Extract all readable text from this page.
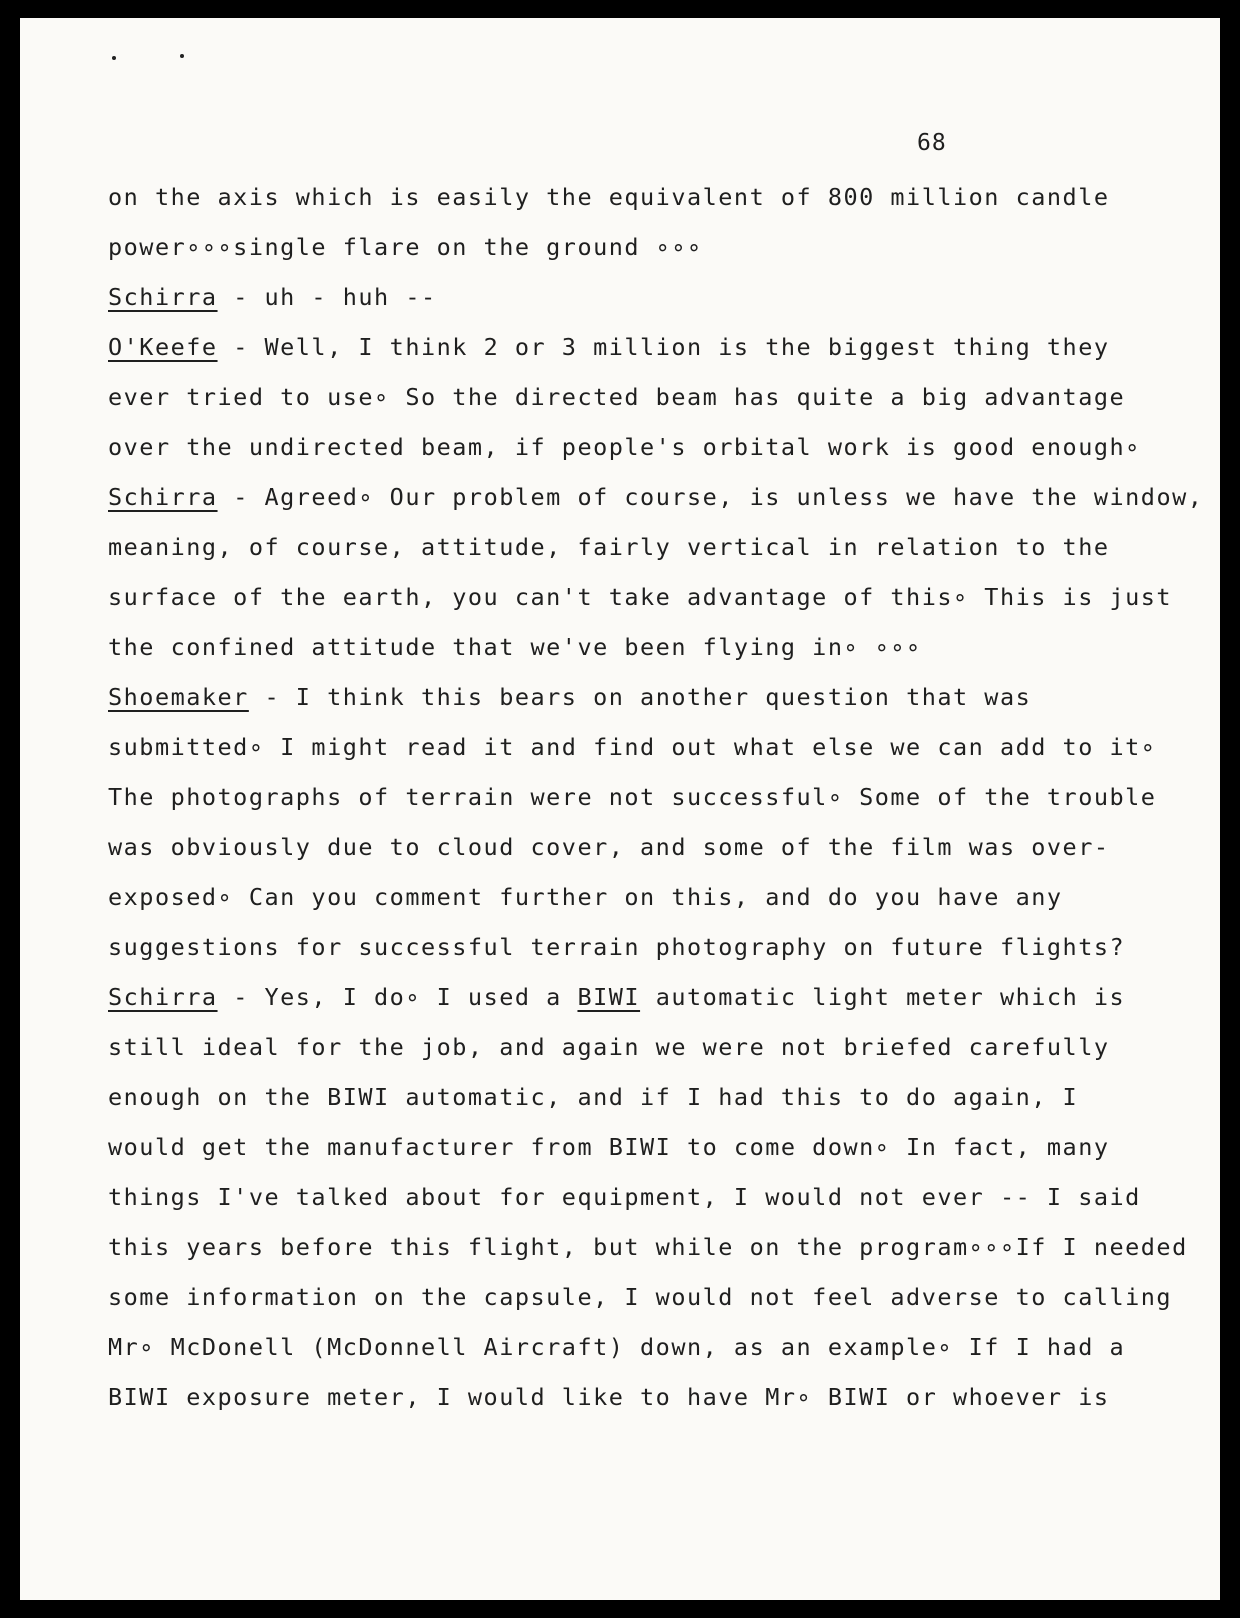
68
on the axis which is easily the equivalent of 800 million candle
power∘∘∘single flare on the ground ∘∘∘
Schirra - uh - huh --
O'Keefe - Well, I think 2 or 3 million is the biggest thing they
ever tried to use∘ So the directed beam has quite a big advantage
over the undirected beam, if people's orbital work is good enough∘
Schirra - Agreed∘ Our problem of course, is unless we have the window,
meaning, of course, attitude, fairly vertical in relation to the
surface of the earth, you can't take advantage of this∘ This is just
the confined attitude that we've been flying in∘ ∘∘∘
Shoemaker - I think this bears on another question that was
submitted∘ I might read it and find out what else we can add to it∘
The photographs of terrain were not successful∘ Some of the trouble
was obviously due to cloud cover, and some of the film was over-
exposed∘ Can you comment further on this, and do you have any
suggestions for successful terrain photography on future flights?
Schirra - Yes, I do∘ I used a BIWI automatic light meter which is
still ideal for the job, and again we were not briefed carefully
enough on the BIWI automatic, and if I had this to do again, I
would get the manufacturer from BIWI to come down∘ In fact, many
things I've talked about for equipment, I would not ever -- I said
this years before this flight, but while on the program∘∘∘If I needed
some information on the capsule, I would not feel adverse to calling
Mr∘ McDonell (McDonnell Aircraft) down, as an example∘ If I had a
BIWI exposure meter, I would like to have Mr∘ BIWI or whoever is
